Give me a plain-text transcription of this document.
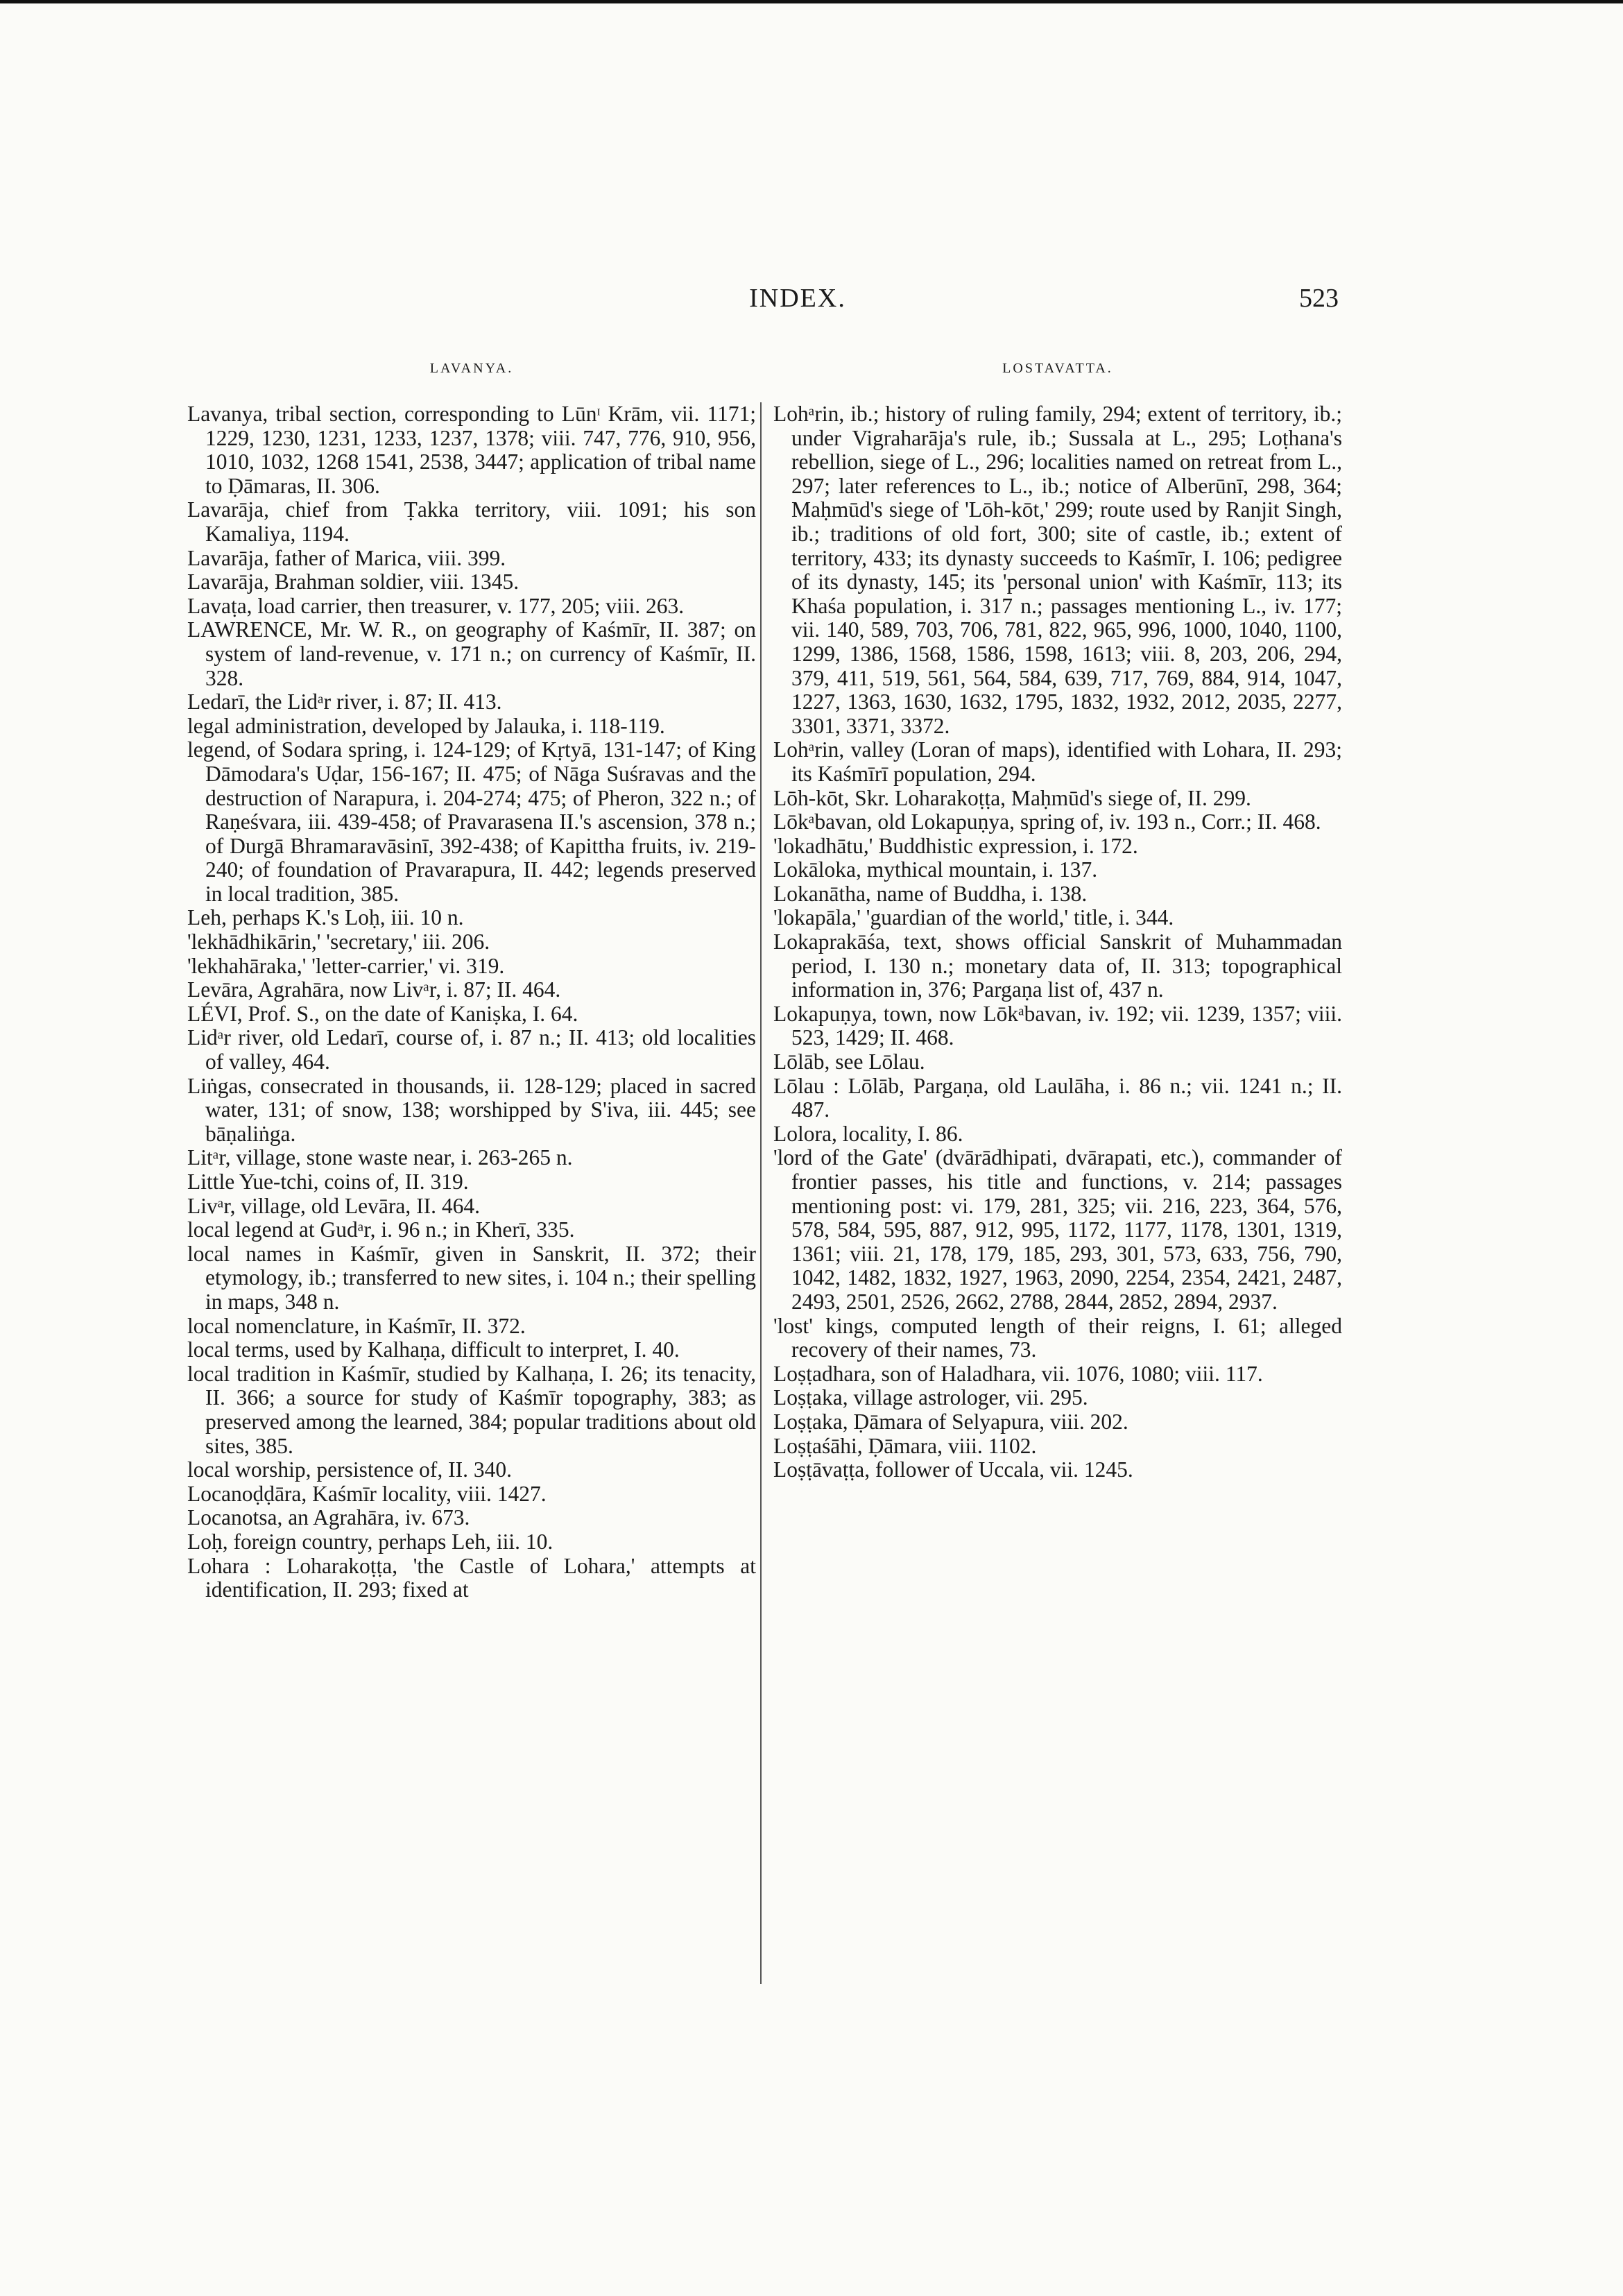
INDEX.	523
LAVANYA.	LOSTAVATTA.

Lavanya, tribal section, corresponding to Lūnᶦ Krām, vii. 1171; 1229, 1230, 1231, 1233, 1237, 1378; viii. 747, 776, 910, 956, 1010, 1032, 1268 1541, 2538, 3447; application of tribal name to Ḍāmaras, II. 306.

Lavarāja, chief from Ṭakka territory, viii. 1091; his son Kamaliya, 1194.

Lavarāja, father of Marica, viii. 399.

Lavarāja, Brahman soldier, viii. 1345.

Lavaṭa, load carrier, then treasurer, v. 177, 205; viii. 263.

LAWRENCE, Mr. W. R., on geography of Kaśmīr, II. 387; on system of land-revenue, v. 171 n.; on currency of Kaśmīr, II. 328.

Ledarī, the Lidᵃr river, i. 87; II. 413.

legal administration, developed by Jalauka, i. 118-119.

legend, of Sodara spring, i. 124-129; of Kṛtyā, 131-147; of King Dāmodara's Uḍar, 156-167; II. 475; of Nāga Suśravas and the destruction of Narapura, i. 204-274; 475; of Pheron, 322 n.; of Raṇeśvara, iii. 439-458; of Pravarasena II.'s ascension, 378 n.; of Durgā Bhramaravāsinī, 392-438; of Kapittha fruits, iv. 219-240; of foundation of Pravarapura, II. 442; legends preserved in local tradition, 385.

Leh, perhaps K.'s Loḥ, iii. 10 n.

'lekhādhikārin,' 'secretary,' iii. 206.

'lekhahāraka,' 'letter-carrier,' vi. 319.

Levāra, Agrahāra, now Livᵃr, i. 87; II. 464.

LÉVI, Prof. S., on the date of Kaniṣka, I. 64.

Lidᵃr river, old Ledarī, course of, i. 87 n.; II. 413; old localities of valley, 464.

Liṅgas, consecrated in thousands, ii. 128-129; placed in sacred water, 131; of snow, 138; worshipped by S'iva, iii. 445; see bāṇaliṅga.

Litᵃr, village, stone waste near, i. 263-265 n.

Little Yue-tchi, coins of, II. 319.

Livᵃr, village, old Levāra, II. 464.

local legend at Gudᵃr, i. 96 n.; in Kherī, 335.

local names in Kaśmīr, given in Sanskrit, II. 372; their etymology, ib.; transferred to new sites, i. 104 n.; their spelling in maps, 348 n.

local nomenclature, in Kaśmīr, II. 372.

local terms, used by Kalhaṇa, difficult to interpret, I. 40.

local tradition in Kaśmīr, studied by Kalhaṇa, I. 26; its tenacity, II. 366; a source for study of Kaśmīr topography, 383; as preserved among the learned, 384; popular traditions about old sites, 385.

local worship, persistence of, II. 340.

Locanoḍḍāra, Kaśmīr locality, viii. 1427.

Locanotsa, an Agrahāra, iv. 673.

Loḥ, foreign country, perhaps Leh, iii. 10.

Lohara : Loharakoṭṭa, 'the Castle of Lohara,' attempts at identification, II. 293; fixed at

Lohᵃrin, ib.; history of ruling family, 294; extent of territory, ib.; under Vigraharāja's rule, ib.; Sussala at L., 295; Loṭhana's rebellion, siege of L., 296; localities named on retreat from L., 297; later references to L., ib.; notice of Alberūnī, 298, 364; Maḥmūd's siege of 'Lōh-kōt,' 299; route used by Ranjit Singh, ib.; traditions of old fort, 300; site of castle, ib.; extent of territory, 433; its dynasty succeeds to Kaśmīr, I. 106; pedigree of its dynasty, 145; its 'personal union' with Kaśmīr, 113; its Khaśa population, i. 317 n.; passages mentioning L., iv. 177; vii. 140, 589, 703, 706, 781, 822, 965, 996, 1000, 1040, 1100, 1299, 1386, 1568, 1586, 1598, 1613; viii. 8, 203, 206, 294, 379, 411, 519, 561, 564, 584, 639, 717, 769, 884, 914, 1047, 1227, 1363, 1630, 1632, 1795, 1832, 1932, 2012, 2035, 2277, 3301, 3371, 3372.

Lohᵃrin, valley (Loran of maps), identified with Lohara, II. 293; its Kaśmīrī population, 294.

Lōh-kōt, Skr. Loharakoṭṭa, Maḥmūd's siege of, II. 299.

Lōkᵃbavan, old Lokapuṇya, spring of, iv. 193 n., Corr.; II. 468.

'lokadhātu,' Buddhistic expression, i. 172.

Lokāloka, mythical mountain, i. 137.

Lokanātha, name of Buddha, i. 138.

'lokapāla,' 'guardian of the world,' title, i. 344.

Lokaprakāśa, text, shows official Sanskrit of Muhammadan period, I. 130 n.; monetary data of, II. 313; topographical information in, 376; Pargaṇa list of, 437 n.

Lokapuṇya, town, now Lōkᵃbavan, iv. 192; vii. 1239, 1357; viii. 523, 1429; II. 468.

Lōlāb, see Lōlau.

Lōlau : Lōlāb, Pargaṇa, old Laulāha, i. 86 n.; vii. 1241 n.; II. 487.

Lolora, locality, I. 86.

'lord of the Gate' (dvārādhipati, dvārapati, etc.), commander of frontier passes, his title and functions, v. 214; passages mentioning post: vi. 179, 281, 325; vii. 216, 223, 364, 576, 578, 584, 595, 887, 912, 995, 1172, 1177, 1178, 1301, 1319, 1361; viii. 21, 178, 179, 185, 293, 301, 573, 633, 756, 790, 1042, 1482, 1832, 1927, 1963, 2090, 2254, 2354, 2421, 2487, 2493, 2501, 2526, 2662, 2788, 2844, 2852, 2894, 2937.

'lost' kings, computed length of their reigns, I. 61; alleged recovery of their names, 73.

Loṣṭadhara, son of Haladhara, vii. 1076, 1080; viii. 117.

Loṣṭaka, village astrologer, vii. 295.

Loṣṭaka, Ḍāmara of Selyapura, viii. 202.

Loṣṭaśāhi, Ḍāmara, viii. 1102.

Loṣṭāvaṭṭa, follower of Uccala, vii. 1245.
